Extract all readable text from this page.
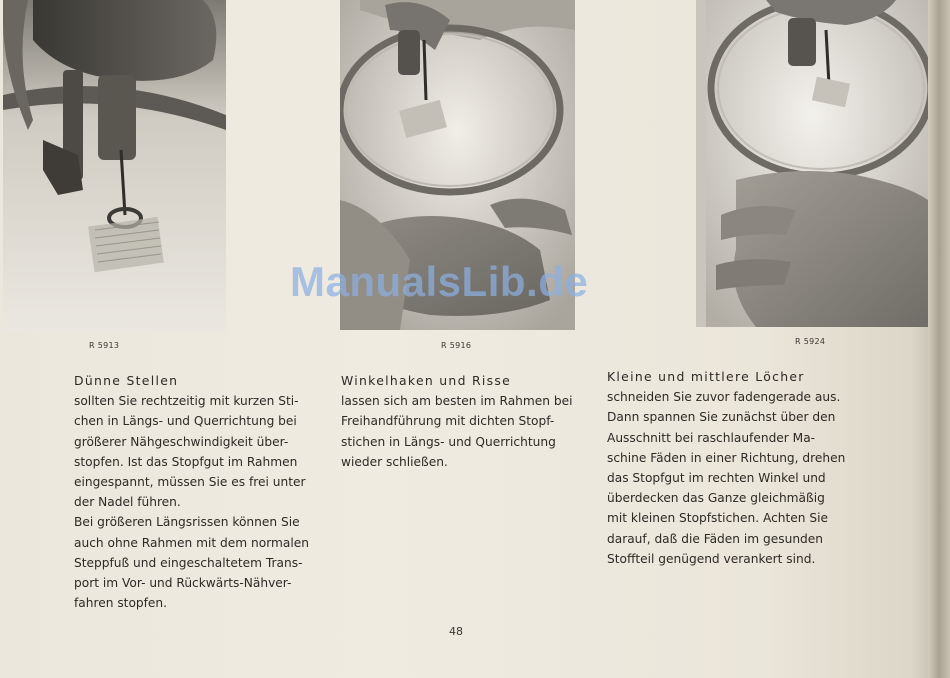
R 5913	R 5916	R 5924
Dünne Stellen

sollten Sie rechtzeitig mit kurzen Sti-

chen in Längs- und Querrichtung bei

größerer Nähgeschwindigkeit über-

stopfen. Ist das Stopfgut im Rahmen

eingespannt, müssen Sie es frei unter

der Nadel führen.

Bei größeren Längsrissen können Sie

auch ohne Rahmen mit dem normalen

Steppfuß und eingeschaltetem Trans-

port im Vor- und Rückwärts-Nähver-

fahren stopfen.

Winkelhaken und Risse

lassen sich am besten im Rahmen bei

Freihandführung mit dichten Stopf-

stichen in Längs- und Querrichtung

wieder schließen.

Kleine und mittlere Löcher

schneiden Sie zuvor fadengerade aus.

Dann spannen Sie zunächst über den

Ausschnitt bei raschlaufender Ma-

schine Fäden in einer Richtung, drehen

das Stopfgut im rechten Winkel und

überdecken das Ganze gleichmäßig

mit kleinen Stopfstichen. Achten Sie

darauf, daß die Fäden im gesunden

Stoffteil genügend verankert sind.

48
ManualsLib.de
